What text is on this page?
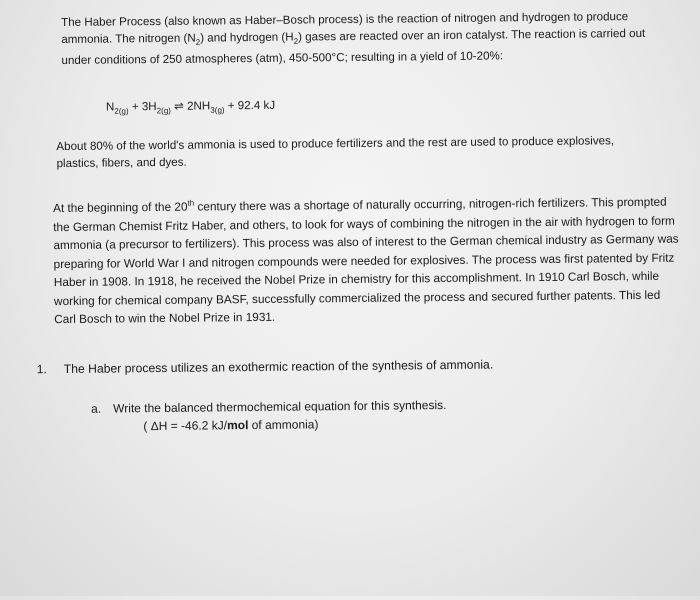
The Haber Process (also known as Haber–Bosch process) is the reaction of nitrogen and hydrogen to produce ammonia. The nitrogen $(N_2)$ and hydrogen $(H_2)$ gases are reacted over an iron catalyst. The reaction is carried out under conditions of 250 atmospheres (atm), 450-500°C; resulting in a yield of 10-20%:

$N_{2(g)} + 3H_{2(g)}$ ⇌ $2NH_{3(g)} + 92.4$ kJ

About 80% of the world's ammonia is used to produce fertilizers and the rest are used to produce explosives, plastics, fibers, and dyes.

At the beginning of the 20th century there was a shortage of naturally occurring, nitrogen-rich fertilizers. This prompted the German Chemist Fritz Haber, and others, to look for ways of combining the nitrogen in the air with hydrogen to form ammonia (a precursor to fertilizers). This process was also of interest to the German chemical industry as Germany was preparing for World War I and nitrogen compounds were needed for explosives. The process was first patented by Fritz Haber in 1908. In 1918, he received the Nobel Prize in chemistry for this accomplishment. In 1910 Carl Bosch, while working for chemical company BASF, successfully commercialized the process and secured further patents. This led Carl Bosch to win the Nobel Prize in 1931.

1. The Haber process utilizes an exothermic reaction of the synthesis of ammonia.

a. Write the balanced thermochemical equation for this synthesis.
( ΔH = -46.2 kJ/mol of ammonia)
